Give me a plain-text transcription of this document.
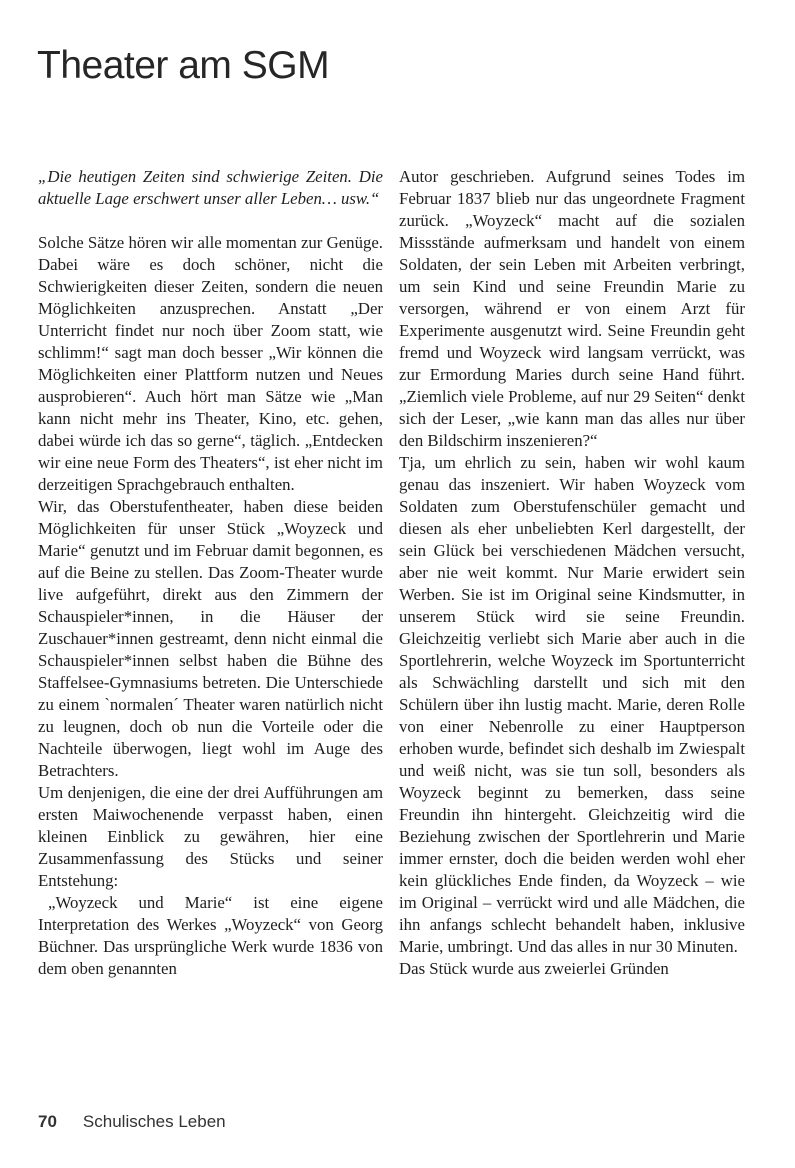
Theater am SGM

„Die heutigen Zeiten sind schwierige Zeiten. Die aktuelle Lage erschwert unser aller Leben… usw.“

Solche Sätze hören wir alle momentan zur Genüge. Dabei wäre es doch schöner, nicht die Schwierigkeiten dieser Zeiten, sondern die neuen Möglichkeiten anzusprechen. Anstatt „Der Unterricht findet nur noch über Zoom statt, wie schlimm!“ sagt man doch besser „Wir können die Möglichkeiten einer Plattform nutzen und Neues ausprobieren“. Auch hört man Sätze wie „Man kann nicht mehr ins Theater, Kino, etc. gehen, dabei würde ich das so gerne“, täglich. „Entdecken wir eine neue Form des Theaters“, ist eher nicht im derzeitigen Sprachgebrauch enthalten.

Wir, das Oberstufentheater, haben diese beiden Möglichkeiten für unser Stück „Woyzeck und Marie“ genutzt und im Februar damit begonnen, es auf die Beine zu stellen. Das Zoom-Theater wurde live aufgeführt, direkt aus den Zimmern der Schauspieler*innen, in die Häuser der Zuschauer*innen gestreamt, denn nicht einmal die Schauspieler*innen selbst haben die Bühne des Staffelsee-Gymnasiums betreten. Die Unterschiede zu einem `normalen´ Theater waren natürlich nicht zu leugnen, doch ob nun die Vorteile oder die Nachteile überwogen, liegt wohl im Auge des Betrachters.

Um denjenigen, die eine der drei Aufführungen am ersten Maiwochenende verpasst haben, einen kleinen Einblick zu gewähren, hier eine Zusammenfassung des Stücks und seiner Entstehung:

„Woyzeck und Marie“ ist eine eigene Interpretation des Werkes „Woyzeck“ von Georg Büchner. Das ursprüngliche Werk wurde 1836 von dem oben genannten

Autor geschrieben. Aufgrund seines Todes im Februar 1837 blieb nur das ungeordnete Fragment zurück. „Woyzeck“ macht auf die sozialen Missstände aufmerksam und handelt von einem Soldaten, der sein Leben mit Arbeiten verbringt, um sein Kind und seine Freundin Marie zu versorgen, während er von einem Arzt für Experimente ausgenutzt wird. Seine Freundin geht fremd und Woyzeck wird langsam verrückt, was zur Ermordung Maries durch seine Hand führt. „Ziemlich viele Probleme, auf nur 29 Seiten“ denkt sich der Leser, „wie kann man das alles nur über den Bildschirm inszenieren?“

Tja, um ehrlich zu sein, haben wir wohl kaum genau das inszeniert. Wir haben Woyzeck vom Soldaten zum Oberstufenschüler gemacht und diesen als eher unbeliebten Kerl dargestellt, der sein Glück bei verschiedenen Mädchen versucht, aber nie weit kommt. Nur Marie erwidert sein Werben. Sie ist im Original seine Kindsmutter, in unserem Stück wird sie seine Freundin. Gleichzeitig verliebt sich Marie aber auch in die Sportlehrerin, welche Woyzeck im Sportunterricht als Schwächling darstellt und sich mit den Schülern über ihn lustig macht. Marie, deren Rolle von einer Nebenrolle zu einer Hauptperson erhoben wurde, befindet sich deshalb im Zwiespalt und weiß nicht, was sie tun soll, besonders als Woyzeck beginnt zu bemerken, dass seine Freundin ihn hintergeht. Gleichzeitig wird die Beziehung zwischen der Sportlehrerin und Marie immer ernster, doch die beiden werden wohl eher kein glückliches Ende finden, da Woyzeck – wie im Original – verrückt wird und alle Mädchen, die ihn anfangs schlecht behandelt haben, inklusive Marie, umbringt. Und das alles in nur 30 Minuten.

Das Stück wurde aus zweierlei Gründen

70 Schulisches Leben
